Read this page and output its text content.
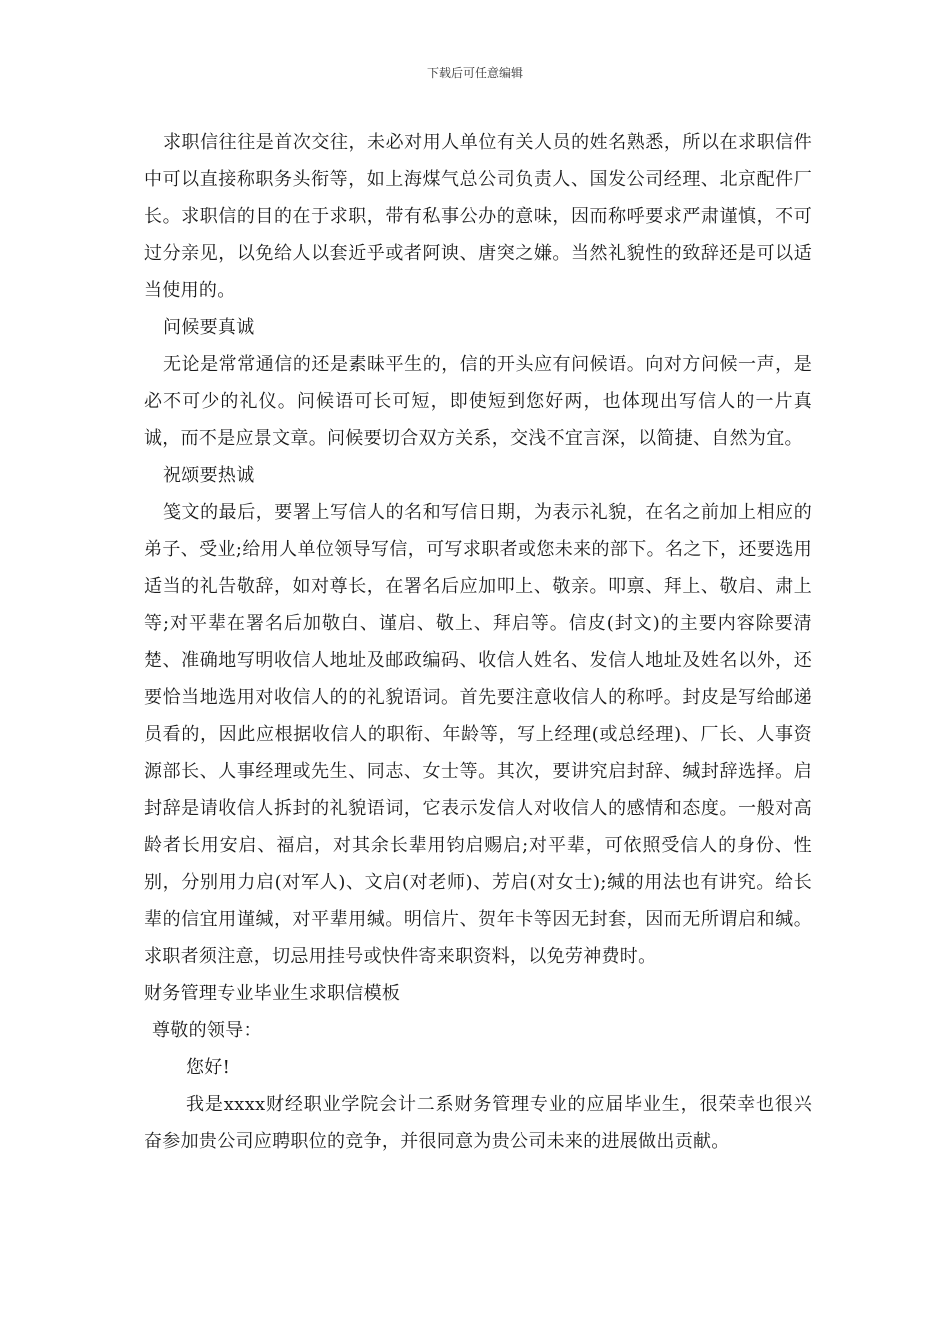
下载后可任意编辑

求职信往往是首次交往，未必对用人单位有关人员的姓名熟悉，所以在求职信件中可以直接称职务头衔等，如上海煤气总公司负责人、国发公司经理、北京配件厂长。求职信的目的在于求职，带有私事公办的意味，因而称呼要求严肃谨慎，不可过分亲见，以免给人以套近乎或者阿谀、唐突之嫌。当然礼貌性的致辞还是可以适当使用的。

问候要真诚

无论是常常通信的还是素昧平生的，信的开头应有问候语。向对方问候一声，是必不可少的礼仪。问候语可长可短，即使短到您好两，也体现出写信人的一片真诚，而不是应景文章。问候要切合双方关系，交浅不宜言深，以简捷、自然为宜。

祝颂要热诚

笺文的最后，要署上写信人的名和写信日期，为表示礼貌，在名之前加上相应的弟子、受业;给用人单位领导写信，可写求职者或您未来的部下。名之下，还要选用适当的礼告敬辞，如对尊长，在署名后应加叩上、敬亲。叩禀、拜上、敬启、肃上等;对平辈在署名后加敬白、谨启、敬上、拜启等。信皮(封文)的主要内容除要清楚、准确地写明收信人地址及邮政编码、收信人姓名、发信人地址及姓名以外，还要恰当地选用对收信人的的礼貌语词。首先要注意收信人的称呼。封皮是写给邮递员看的，因此应根据收信人的职衔、年龄等，写上经理(或总经理)、厂长、人事资源部长、人事经理或先生、同志、女士等。其次，要讲究启封辞、缄封辞选择。启封辞是请收信人拆封的礼貌语词，它表示发信人对收信人的感情和态度。一般对高龄者长用安启、福启，对其余长辈用钧启赐启;对平辈，可依照受信人的身份、性别，分别用力启(对军人)、文启(对老师)、芳启(对女士);缄的用法也有讲究。给长辈的信宜用谨缄，对平辈用缄。明信片、贺年卡等因无封套，因而无所谓启和缄。求职者须注意，切忌用挂号或快件寄来职资料，以免劳神费时。

财务管理专业毕业生求职信模板

尊敬的领导：

您好!

我是xxxx财经职业学院会计二系财务管理专业的应届毕业生，很荣幸也很兴奋参加贵公司应聘职位的竞争，并很同意为贵公司未来的进展做出贡献。
